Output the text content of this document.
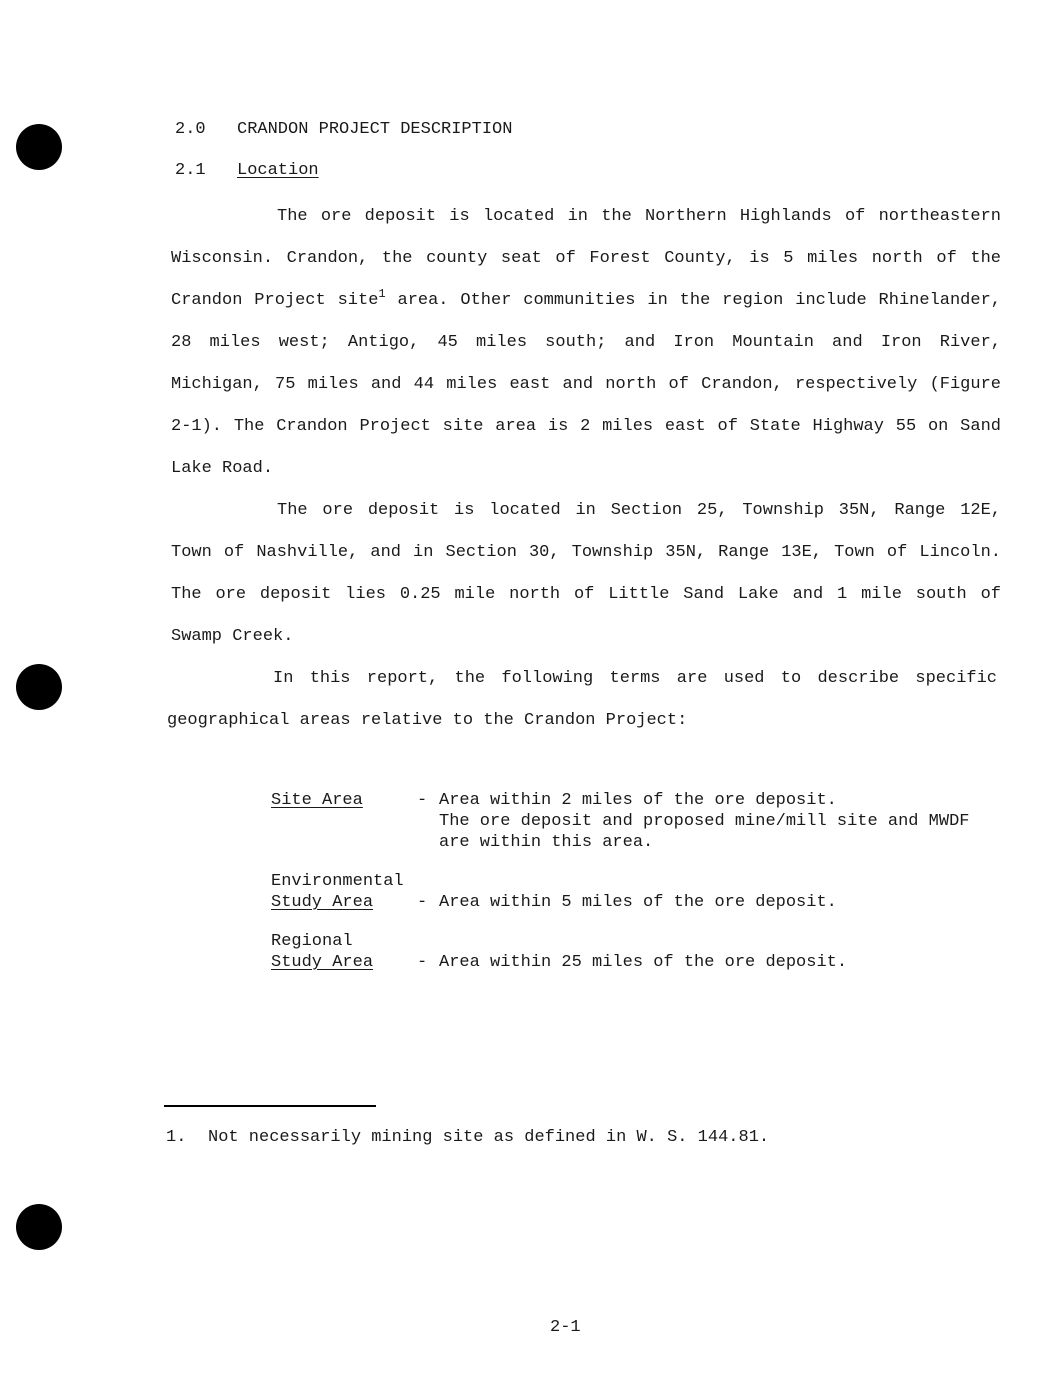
2.0 CRANDON PROJECT DESCRIPTION
2.1 Location

The ore deposit is located in the Northern Highlands of northeastern Wisconsin. Crandon, the county seat of Forest County, is 5 miles north of the Crandon Project site$^1$ area. Other communities in the region include Rhinelander, 28 miles west; Antigo, 45 miles south; and Iron Mountain and Iron River, Michigan, 75 miles and 44 miles east and north of Crandon, respectively (Figure 2-1). The Crandon Project site area is 2 miles east of State Highway 55 on Sand Lake Road.

The ore deposit is located in Section 25, Township 35N, Range 12E, Town of Nashville, and in Section 30, Township 35N, Range 13E, Town of Lincoln. The ore deposit lies 0.25 mile north of Little Sand Lake and 1 mile south of Swamp Creek.

In this report, the following terms are used to describe specific geographical areas relative to the Crandon Project:

Site Area	- Area within 2 miles of the ore deposit.
The ore deposit and proposed mine/mill site and MWDF
are within this area.
Environmental
Study Area	- Area within 5 miles of the ore deposit.
Regional
Study Area	- Area within 25 miles of the ore deposit.
1. Not necessarily mining site as defined in W. S. 144.81.
2-1
